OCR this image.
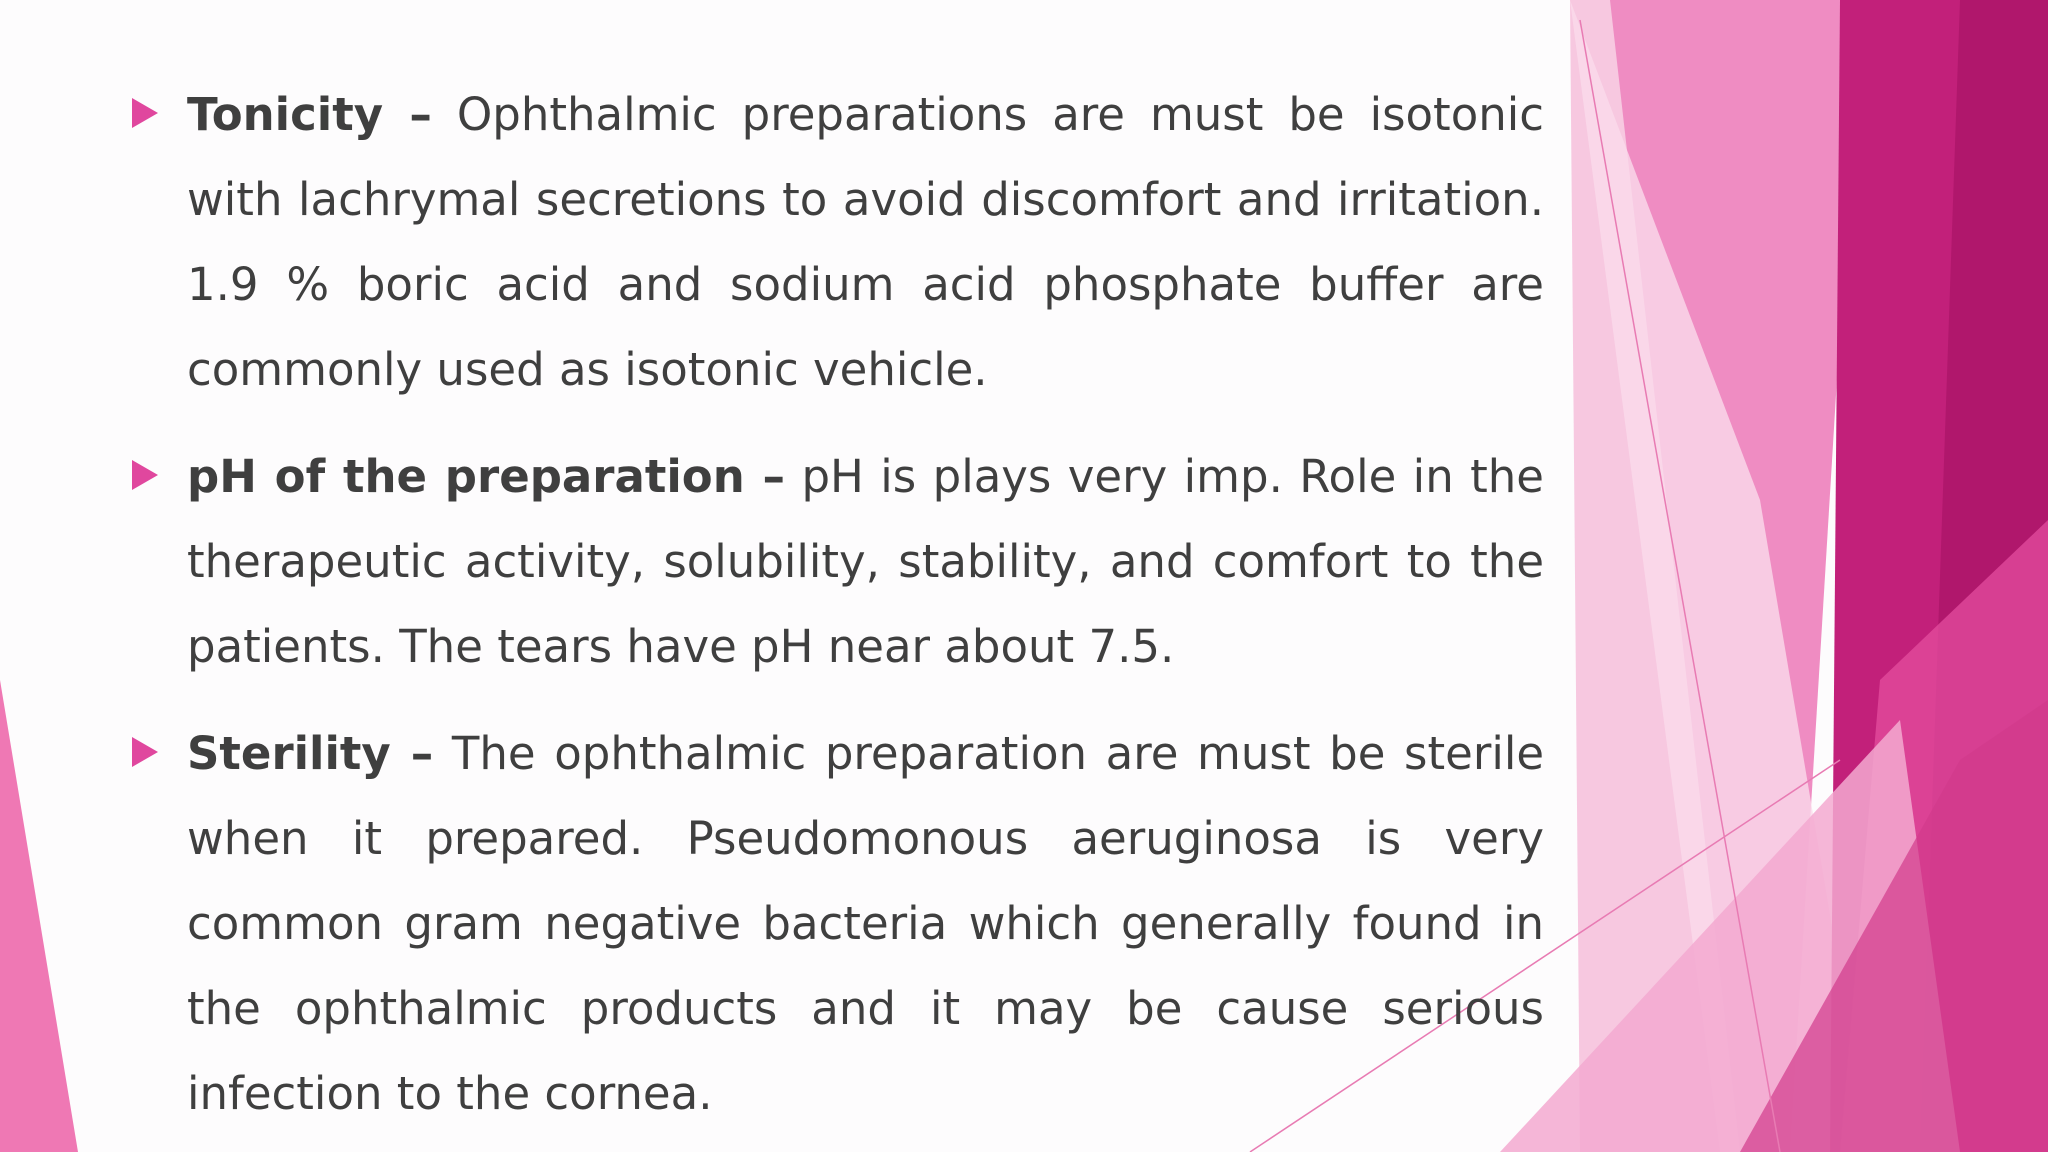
Tonicity – Ophthalmic preparations are must be isotonic with lachrymal secretions to avoid discomfort and irritation. 1.9 % boric acid and sodium acid phosphate buffer are commonly used as isotonic vehicle.

pH of the preparation – pH is plays very imp. Role in the therapeutic activity, solubility, stability, and comfort to the patients. The tears have pH near about 7.5.

Sterility – The ophthalmic preparation are must be sterile when it prepared. Pseudomonous aeruginosa is very common gram negative bacteria which generally found in the ophthalmic products and it may be cause serious infection to the cornea.
